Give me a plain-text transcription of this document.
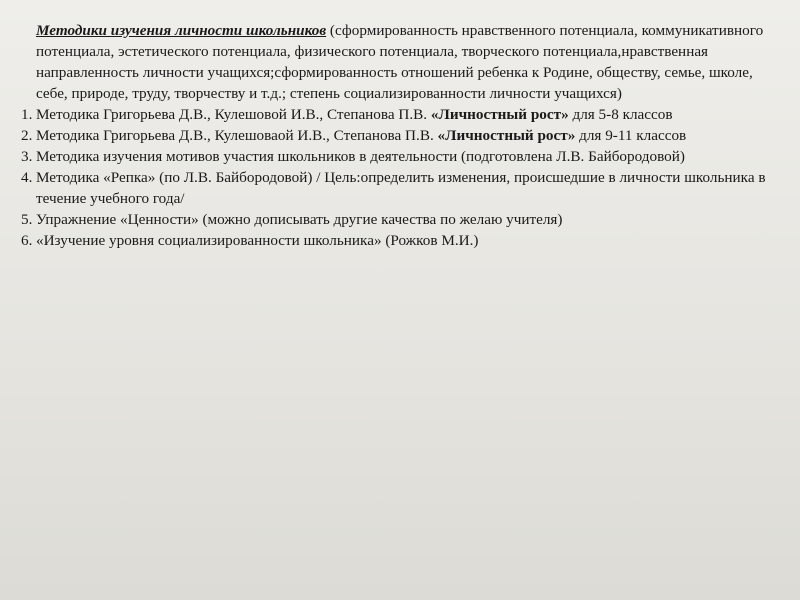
Методики изучения личности школьников (сформированность нравственного потенциала, коммуникативного потенциала, эстетического потенциала, физического потенциала, творческого потенциала,нравственная направленность личности учащихся;сформированность отношений ребенка к Родине, обществу, семье, школе, себе, природе, труду, творчеству и т.д.; степень социализированности личности учащихся)

1. Методика Григорьева Д.В., Кулешовой И.В., Степанова П.В. «Личностный рост» для 5-8 классов
2. Методика Григорьева Д.В., Кулешоваой И.В., Степанова П.В. «Личностный рост» для 9-11 классов
3. Методика изучения мотивов участия школьников в деятельности (подготовлена Л.В. Байбородовой)
4. Методика «Репка» (по Л.В. Байбородовой) / Цель:определить изменения, происшедшие в личности школьника в течение учебного года/
5. Упражнение «Ценности» (можно дописывать другие качества по желаю учителя)
6. «Изучение уровня социализированности школьника» (Рожков М.И.)
